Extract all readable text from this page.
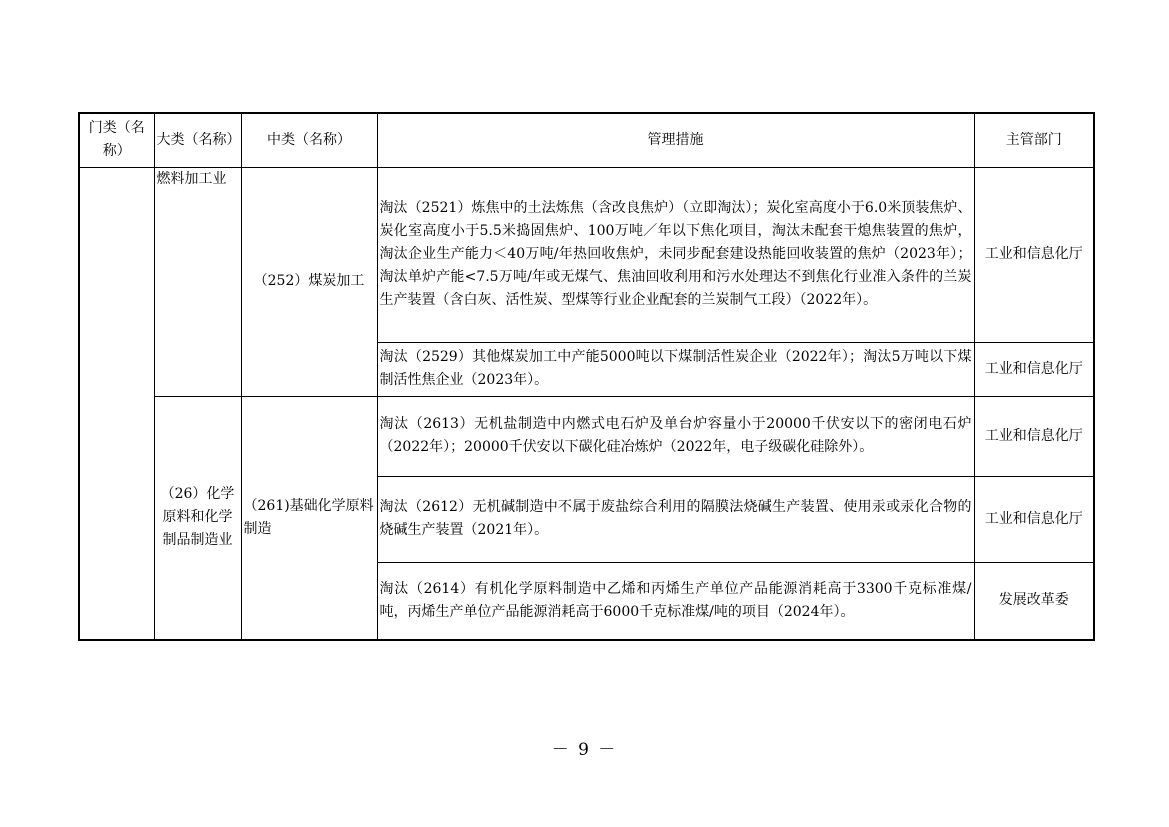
门类（名称）	大类（名称）	中类（名称）	管理措施	主管部门
	燃料加工业	（252）煤炭加工	淘汰（2521）炼焦中的土法炼焦（含改良焦炉）（立即淘汰）；炭化室高度小于6.0米顶装焦炉、炭化室高度小于5.5米捣固焦炉、100万吨／年以下焦化项目，淘汰未配套干熄焦装置的焦炉，淘汰企业生产能力＜40万吨/年热回收焦炉，未同步配套建设热能回收装置的焦炉（2023年）；淘汰单炉产能<7.5万吨/年或无煤气、焦油回收利用和污水处理达不到焦化行业准入条件的兰炭生产装置（含白灰、活性炭、型煤等行业企业配套的兰炭制气工段）（2022年）。	工业和信息化厅
			淘汰（2529）其他煤炭加工中产能5000吨以下煤制活性炭企业（2022年）；淘汰5万吨以下煤制活性焦企业（2023年）。	工业和信息化厅
	（26）化学原料和化学制品制造业	（261)基础化学原料制造	淘汰（2613）无机盐制造中内燃式电石炉及单台炉容量小于20000千伏安以下的密闭电石炉（2022年）；20000千伏安以下碳化硅冶炼炉（2022年，电子级碳化硅除外）。	工业和信息化厅
			淘汰（2612）无机碱制造中不属于废盐综合利用的隔膜法烧碱生产装置、使用汞或汞化合物的烧碱生产装置（2021年）。	工业和信息化厅
			淘汰（2614）有机化学原料制造中乙烯和丙烯生产单位产品能源消耗高于3300千克标准煤/吨，丙烯生产单位产品能源消耗高于6000千克标准煤/吨的项目（2024年）。	发展改革委
－ 9 －
